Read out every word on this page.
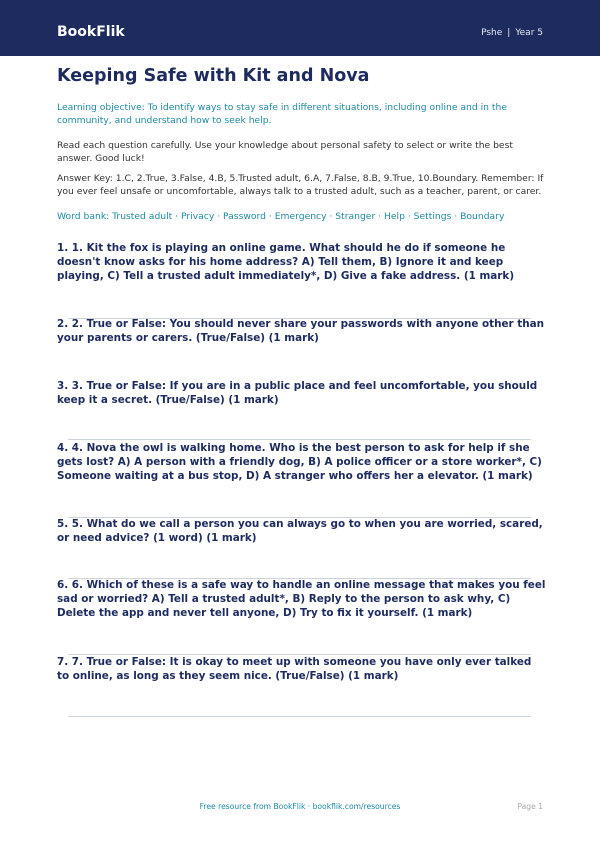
BookFlik	Pshe | Year 5
Keeping Safe with Kit and Nova
Learning objective: To identify ways to stay safe in different situations, including online and in the community, and understand how to seek help.
Read each question carefully. Use your knowledge about personal safety to select or write the best answer. Good luck!
Answer Key: 1.C, 2.True, 3.False, 4.B, 5.Trusted adult, 6.A, 7.False, 8.B, 9.True, 10.Boundary. Remember: If you ever feel unsafe or uncomfortable, always talk to a trusted adult, such as a teacher, parent, or carer.
Word bank: Trusted adult · Privacy · Password · Emergency · Stranger · Help · Settings · Boundary
1. 1. Kit the fox is playing an online game. What should he do if someone he doesn't know asks for his home address? A) Tell them, B) Ignore it and keep playing, C) Tell a trusted adult immediately*, D) Give a fake address. (1 mark)
2. 2. True or False: You should never share your passwords with anyone other than your parents or carers. (True/False) (1 mark)
3. 3. True or False: If you are in a public place and feel uncomfortable, you should keep it a secret. (True/False) (1 mark)
4. 4. Nova the owl is walking home. Who is the best person to ask for help if she gets lost? A) A person with a friendly dog, B) A police officer or a store worker*, C) Someone waiting at a bus stop, D) A stranger who offers her a elevator. (1 mark)
5. 5. What do we call a person you can always go to when you are worried, scared, or need advice? (1 word) (1 mark)
6. 6. Which of these is a safe way to handle an online message that makes you feel sad or worried? A) Tell a trusted adult*, B) Reply to the person to ask why, C) Delete the app and never tell anyone, D) Try to fix it yourself. (1 mark)
7. 7. True or False: It is okay to meet up with someone you have only ever talked to online, as long as they seem nice. (True/False) (1 mark)
Free resource from BookFlik · bookflik.com/resources	Page 1
